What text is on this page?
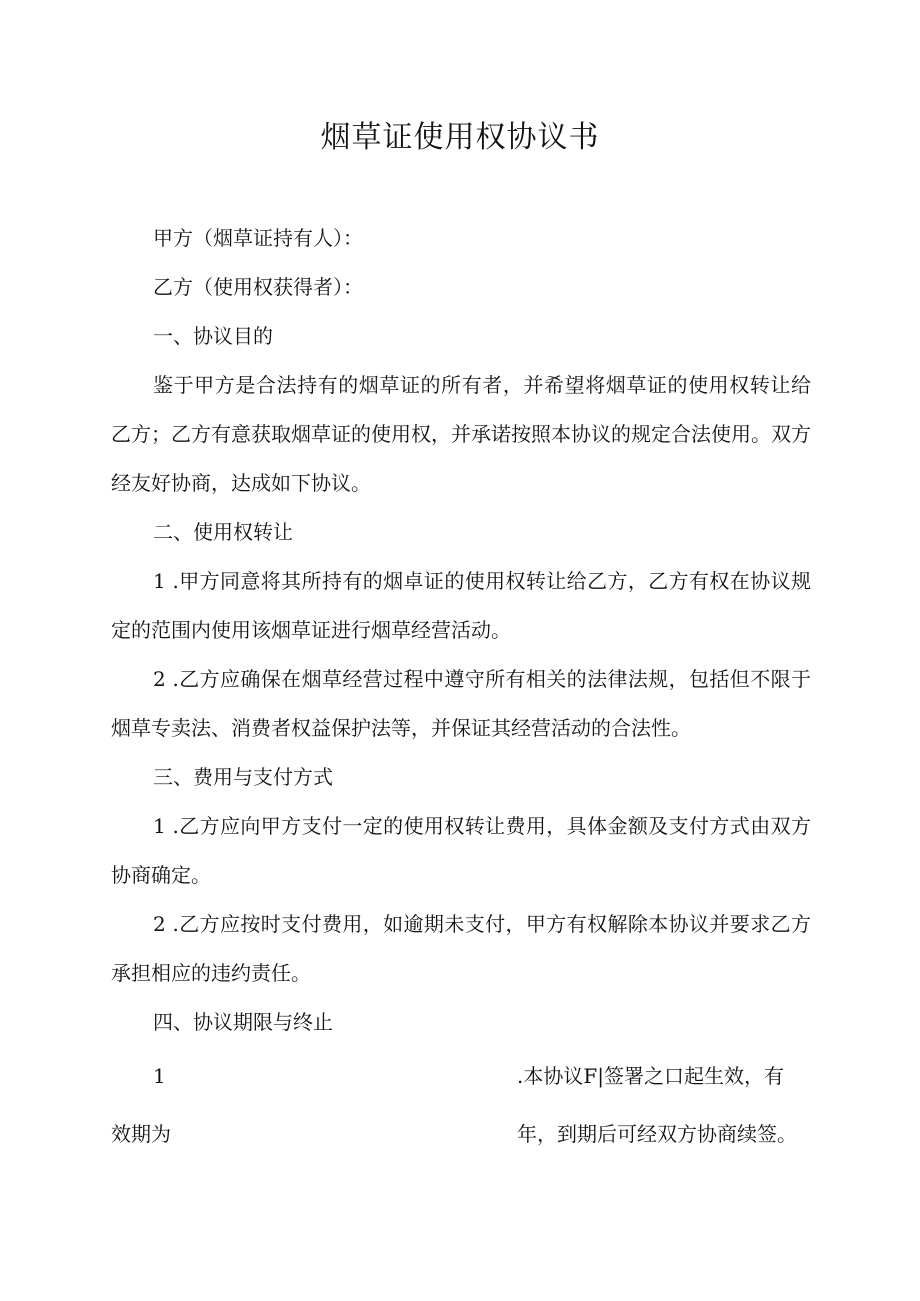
烟草证使用权协议书

甲方（烟草证持有人）：

乙方（使用权获得者）：

一、协议目的

鉴于甲方是合法持有的烟草证的所有者，并希望将烟草证的使用权转让给乙方；乙方有意获取烟草证的使用权，并承诺按照本协议的规定合法使用。双方经友好协商，达成如下协议。

二、使用权转让

1 .甲方同意将其所持有的烟卓证的使用权转让给乙方，乙方有权在协议规定的范围内使用该烟草证进行烟草经营活动。

2 .乙方应确保在烟草经营过程中遵守所有相关的法律法规，包括但不限于烟草专卖法、消费者权益保护法等，并保证其经营活动的合法性。

三、费用与支付方式

1 .乙方应向甲方支付一定的使用权转让费用，具体金额及支付方式由双方协商确定。

2 .乙方应按时支付费用，如逾期未支付，甲方有权解除本协议并要求乙方承担相应的违约责任。

四、协议期限与终止

1	.本协议F|签署之口起生效，有
效期为	年，到期后可经双方协商续签。
